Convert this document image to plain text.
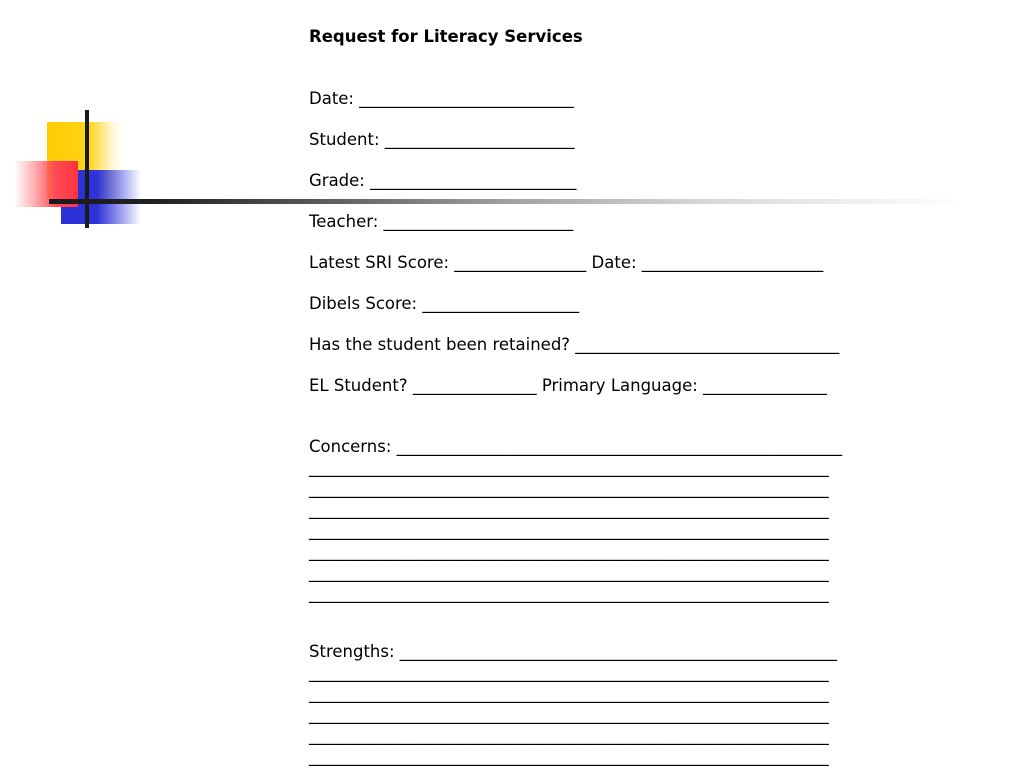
Request for Literacy Services
Date: __________________________
Student: _______________________
Grade: _________________________
Teacher: _______________________
Latest SRI Score: ________________ Date: ______________________
Dibels Score: ___________________
Has the student been retained? ________________________________
EL Student? _______________ Primary Language: _______________
Concerns: ______________________________________________________
_______________________________________________________________
_______________________________________________________________
_______________________________________________________________
_______________________________________________________________
_______________________________________________________________
_______________________________________________________________
_______________________________________________________________
Strengths: _____________________________________________________
_______________________________________________________________
_______________________________________________________________
_______________________________________________________________
_______________________________________________________________
_______________________________________________________________
